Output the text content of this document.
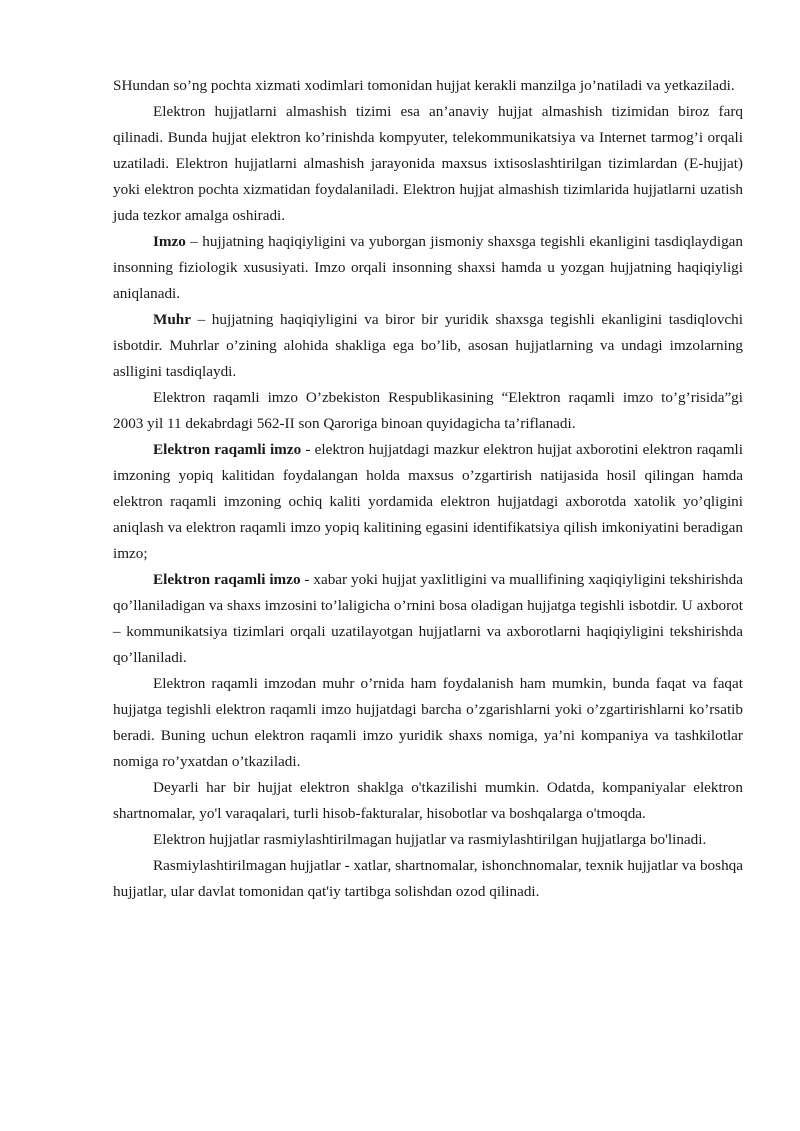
SHundan so’ng pochta xizmati xodimlari tomonidan hujjat kerakli manzilga jo’natiladi va yetkaziladi.

Elektron hujjatlarni almashish tizimi esa an’anaviy hujjat almashish tizimidan biroz farq qilinadi. Bunda hujjat elektron ko’rinishda kompyuter, telekommunikatsiya va Internet tarmog’i orqali uzatiladi. Elektron hujjatlarni almashish jarayonida maxsus ixtisoslashtirilgan tizimlardan (E-hujjat) yoki elektron pochta xizmatidan foydalaniladi. Elektron hujjat almashish tizimlarida hujjatlarni uzatish juda tezkor amalga oshiradi.

Imzo – hujjatning haqiqiyligini va yuborgan jismoniy shaxsga tegishli ekanligini tasdiqlaydigan insonning fiziologik xususiyati. Imzo orqali insonning shaxsi hamda u yozgan hujjatning haqiqiyligi aniqlanadi.

Muhr – hujjatning haqiqiyligini va biror bir yuridik shaxsga tegishli ekanligini tasdiqlovchi isbotdir. Muhrlar o’zining alohida shakliga ega bo’lib, asosan hujjatlarning va undagi imzolarning aslligini tasdiqlaydi.

Elektron raqamli imzo O’zbekiston Respublikasining “Elektron raqamli imzo to’g’risida”gi 2003 yil 11 dekabrdagi 562-II son Qaroriga binoan quyidagicha ta’riflanadi.

Elektron raqamli imzo - elektron hujjatdagi mazkur elektron hujjat axborotini elektron raqamli imzoning yopiq kalitidan foydalangan holda maxsus o’zgartirish natijasida hosil qilingan hamda elektron raqamli imzoning ochiq kaliti yordamida elektron hujjatdagi axborotda xatolik yo’qligini aniqlash va elektron raqamli imzo yopiq kalitining egasini identifikatsiya qilish imkoniyatini beradigan imzo;

Elektron raqamli imzo - xabar yoki hujjat yaxlitligini va muallifining xaqiqiyligini tekshirishda qo’llaniladigan va shaxs imzosini to’laligicha o’rnini bosa oladigan hujjatga tegishli isbotdir. U axborot – kommunikatsiya tizimlari orqali uzatilayotgan hujjatlarni va axborotlarni haqiqiyligini tekshirishda qo’llaniladi.

Elektron raqamli imzodan muhr o’rnida ham foydalanish ham mumkin, bunda faqat va faqat hujjatga tegishli elektron raqamli imzo hujjatdagi barcha o’zgarishlarni yoki o’zgartirishlarni ko’rsatib beradi. Buning uchun elektron raqamli imzo yuridik shaxs nomiga, ya’ni kompaniya va tashkilotlar nomiga ro’yxatdan o’tkaziladi.

Deyarli har bir hujjat elektron shaklga o'tkazilishi mumkin. Odatda, kompaniyalar elektron shartnomalar, yo'l varaqalari, turli hisob-fakturalar, hisobotlar va boshqalarga o'tmoqda.

Elektron hujjatlar rasmiylashtirilmagan hujjatlar va rasmiylashtirilgan hujjatlarga bo'linadi.

Rasmiylashtirilmagan hujjatlar - xatlar, shartnomalar, ishonchnomalar, texnik hujjatlar va boshqa hujjatlar, ular davlat tomonidan qat'iy tartibga solishdan ozod qilinadi.
